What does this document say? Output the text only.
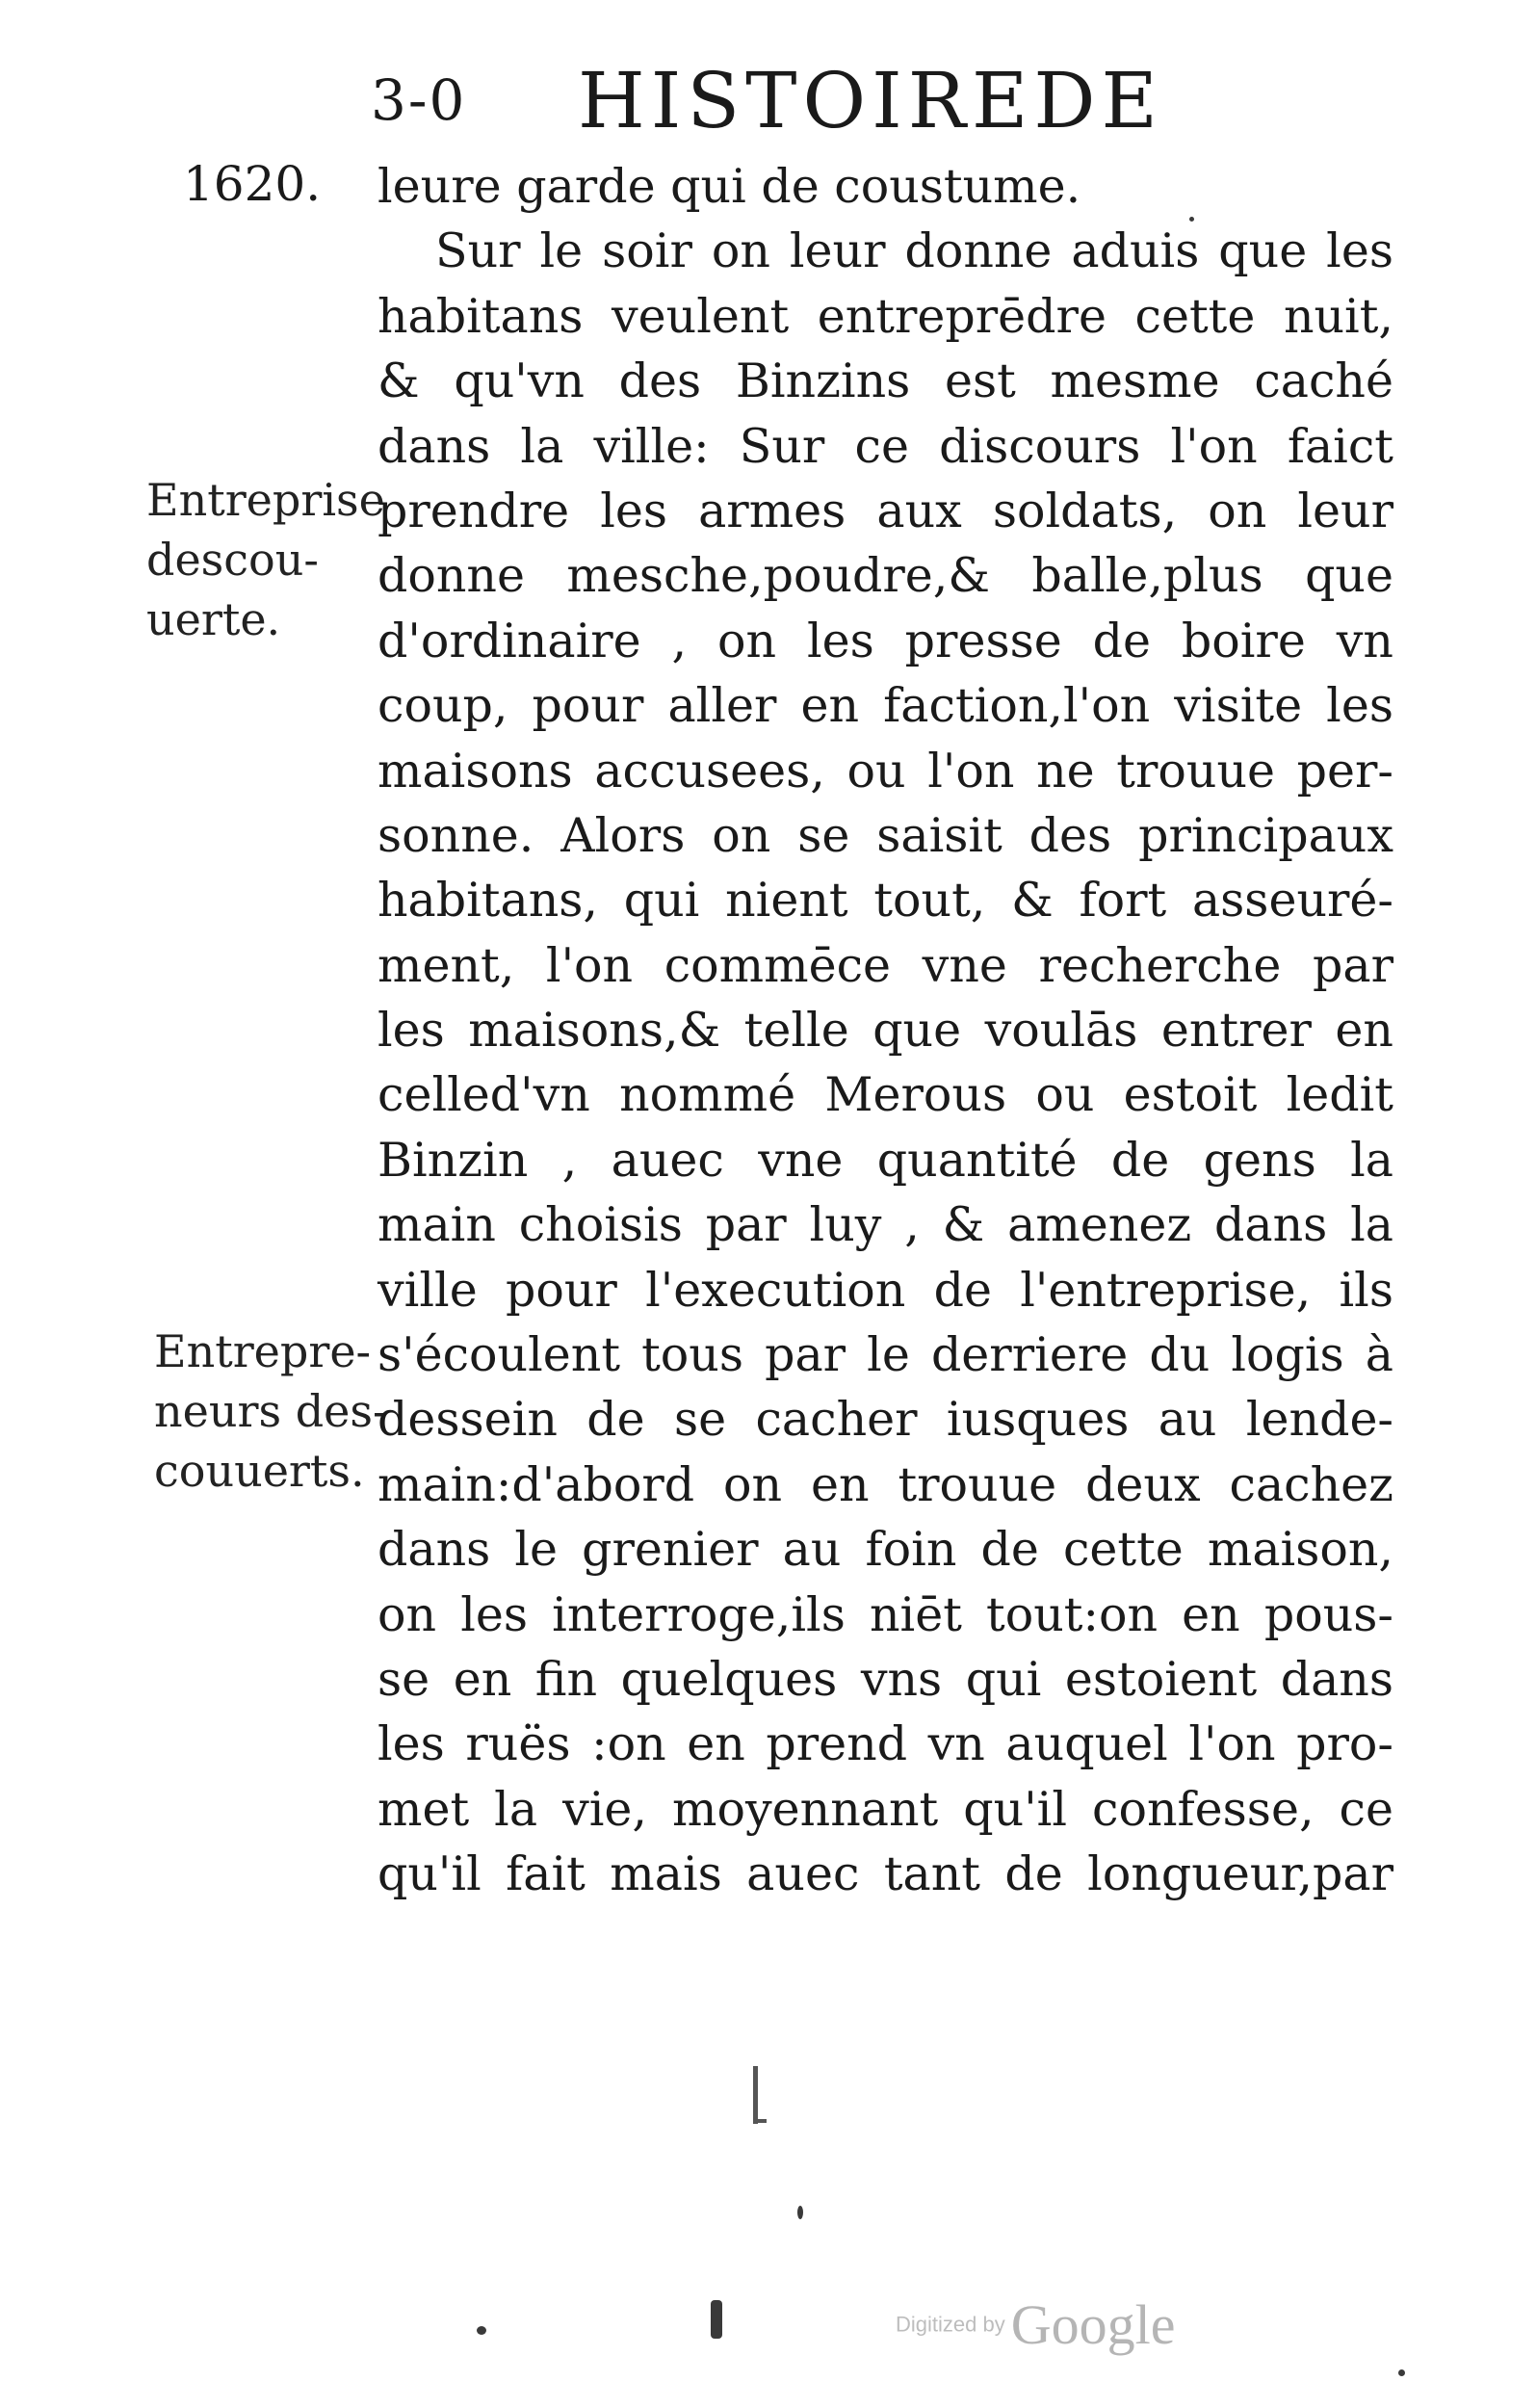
3-0 HISTOIREDE
1620.
Entreprise
descou-
uerte.
Entrepre-
neurs des-
couuerts.
leure garde qui de coustume.
Sur le soir on leur donne aduis que les
habitans veulent entreprēdre cette nuit,
& qu'vn des Binzins est mesme caché
dans la ville: Sur ce discours l'on faict
prendre les armes aux soldats, on leur
donne mesche,poudre,& balle,plus que
d'ordinaire , on les presse de boire vn
coup, pour aller en faction,l'on visite les
maisons accusees, ou l'on ne trouue per-
sonne. Alors on se saisit des principaux
habitans, qui nient tout, & fort asseuré-
ment, l'on commēce vne recherche par
les maisons,& telle que voulās entrer en
celled'vn nommé Merous ou estoit ledit
Binzin , auec vne quantité de gens la
main choisis par luy , & amenez dans la
ville pour l'execution de l'entreprise, ils
s'écoulent tous par le derriere du logis à
dessein de se cacher iusques au lende-
main:d'abord on en trouue deux cachez
dans le grenier au foin de cette maison,
on les interroge,ils niēt tout:on en pous-
se en fin quelques vns qui estoient dans
les ruës :on en prend vn auquel l'on pro-
met la vie, moyennant qu'il confesse, ce
qu'il fait mais auec tant de longueur,par
Digitized by Google
